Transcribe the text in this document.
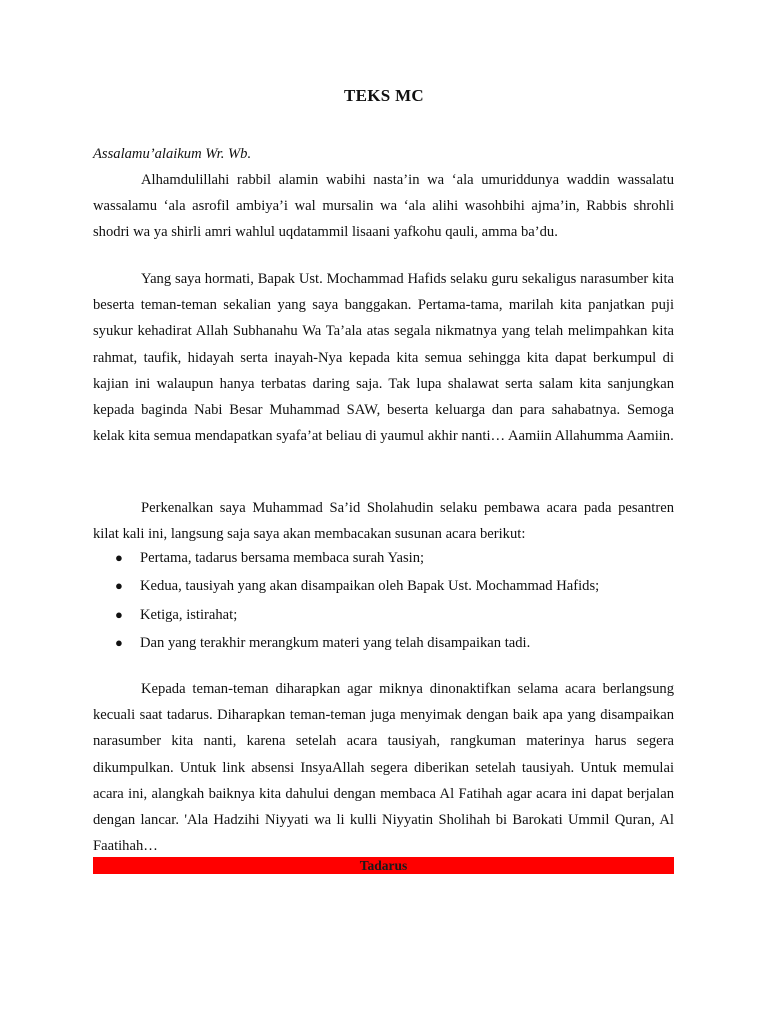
TEKS MC
Assalamu’alaikum Wr. Wb.

Alhamdulillahi rabbil alamin wabihi nasta’in wa ‘ala umuriddunya waddin wassalatu wassalamu ‘ala asrofil ambiya’i wal mursalin wa ‘ala alihi wasohbihi ajma’in, Rabbis shrohli shodri wa ya shirli amri wahlul uqdatammil lisaani yafkohu qauli, amma ba’du.

Yang saya hormati, Bapak Ust. Mochammad Hafids selaku guru sekaligus narasumber kita beserta teman-teman sekalian yang saya banggakan. Pertama-tama, marilah kita panjatkan puji syukur kehadirat Allah Subhanahu Wa Ta’ala atas segala nikmatnya yang telah melimpahkan kita rahmat, taufik, hidayah serta inayah-Nya kepada kita semua sehingga kita dapat berkumpul di kajian ini walaupun hanya terbatas daring saja. Tak lupa shalawat serta salam kita sanjungkan kepada baginda Nabi Besar Muhammad SAW, beserta keluarga dan para sahabatnya. Semoga kelak kita semua mendapatkan syafa’at beliau di yaumul akhir nanti… Aamiin Allahumma Aamiin.

Perkenalkan saya Muhammad Sa’id Sholahudin selaku pembawa acara pada pesantren kilat kali ini, langsung saja saya akan membacakan susunan acara berikut:

● Pertama, tadarus bersama membaca surah Yasin;
● Kedua, tausiyah yang akan disampaikan oleh Bapak Ust. Mochammad Hafids;
● Ketiga, istirahat;
● Dan yang terakhir merangkum materi yang telah disampaikan tadi.

Kepada teman-teman diharapkan agar miknya dinonaktifkan selama acara berlangsung kecuali saat tadarus. Diharapkan teman-teman juga menyimak dengan baik apa yang disampaikan narasumber kita nanti, karena setelah acara tausiyah, rangkuman materinya harus segera dikumpulkan. Untuk link absensi InsyaAllah segera diberikan setelah tausiyah. Untuk memulai acara ini, alangkah baiknya kita dahului dengan membaca Al Fatihah agar acara ini dapat berjalan dengan lancar. 'Ala Hadzihi Niyyati wa li kulli Niyyatin Sholihah bi Barokati Ummil Quran, Al Faatihah…

Tadarus
